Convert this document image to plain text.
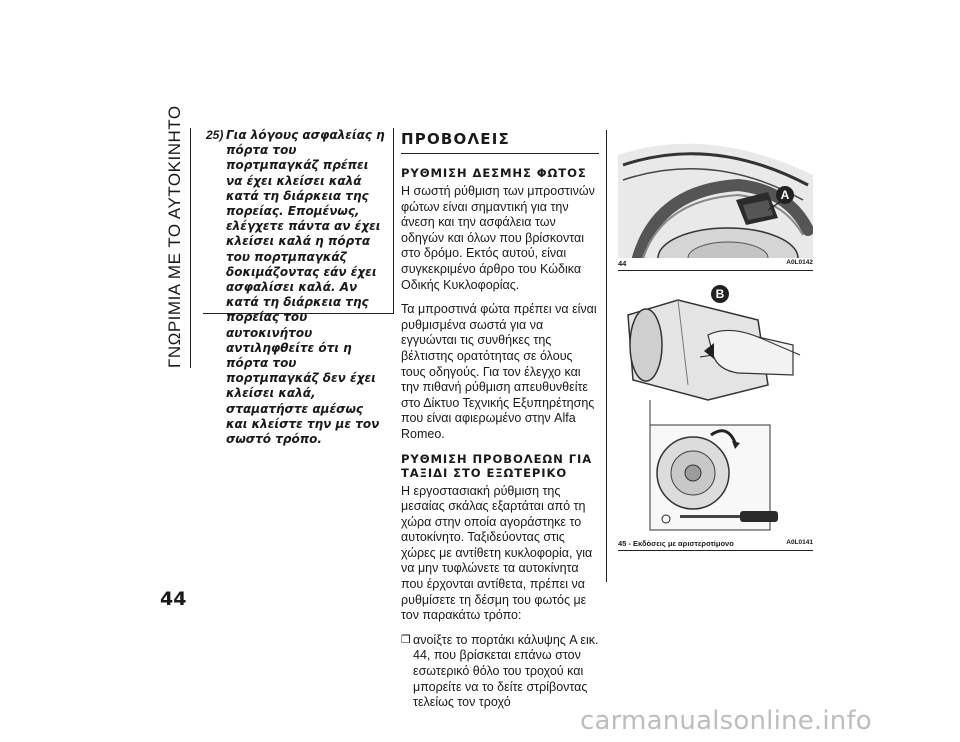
ΓΝΩΡΙΜΙΑ ΜΕ ΤΟ ΑΥΤΟΚΙΝΗΤΟ
44
25) Για λόγους ασφαλείας η πόρτα του πορτμπαγκάζ πρέπει να έχει κλείσει καλά κατά τη διάρκεια της πορείας. Επομένως, ελέγχετε πάντα αν έχει κλείσει καλά η πόρτα του πορτμπαγκάζ δοκιμάζοντας εάν έχει ασφαλίσει καλά. Αν κατά τη διάρκεια της πορείας του αυτοκινήτου αντιληφθείτε ότι η πόρτα του πορτμπαγκάζ δεν έχει κλείσει καλά, σταματήστε αμέσως και κλείστε την με τον σωστό τρόπο.
ΠΡΟΒΟΛΕΙΣ
ΡΥΘΜΙΣΗ ΔΕΣΜΗΣ ΦΩΤΟΣ

Η σωστή ρύθμιση των μπροστινών φώτων είναι σημαντική για την άνεση και την ασφάλεια των οδηγών και όλων που βρίσκονται στο δρόμο. Εκτός αυτού, είναι συγκεκριμένο άρθρο του Κώδικα Οδικής Κυκλοφορίας.

Τα μπροστινά φώτα πρέπει να είναι ρυθμισμένα σωστά για να εγγυώνται τις συνθήκες της βέλτιστης ορατότητας σε όλους τους οδηγούς. Για τον έλεγχο και την πιθανή ρύθμιση απευθυνθείτε στο Δίκτυο Τεχνικής Εξυπηρέτησης που είναι αφιερωμένο στην Alfa Romeo.

ΡΥΘΜΙΣΗ ΠΡΟΒΟΛΕΩΝ ΓΙΑ ΤΑΞΙΔΙ ΣΤΟ ΕΞΩΤΕΡΙΚΟ

Η εργοστασιακή ρύθμιση της μεσαίας σκάλας εξαρτάται από τη χώρα στην οποία αγοράστηκε το αυτοκίνητο. Ταξιδεύοντας στις χώρες με αντίθετη κυκλοφορία, για να μην τυφλώνετε τα αυτοκίνητα που έρχονται αντίθετα, πρέπει να ρυθμίσετε τη δέσμη του φωτός με τον παρακάτω τρόπο:

❒ ανοίξτε το πορτάκι κάλυψης A εικ. 44, που βρίσκεται επάνω στον εσωτερικό θόλο του τροχού και μπορείτε να το δείτε στρίβοντας τελείως τον τροχό
A
44	A0L0142
B
45 - Εκδόσεις με αριστεροτίμονο	A0L0141
carmanualsonline.info
